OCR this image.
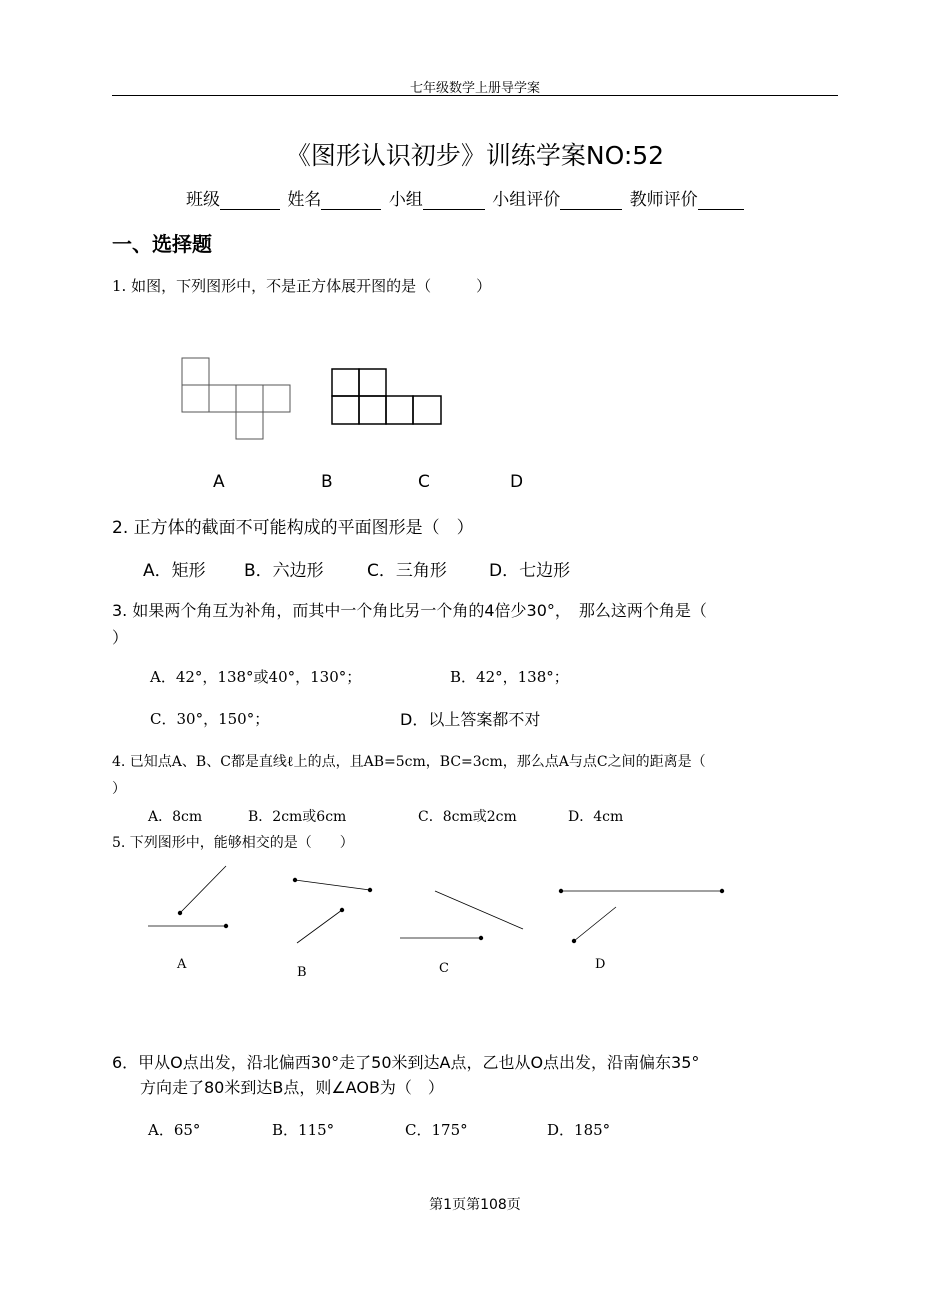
七年级数学上册导学案
《图形认识初步》训练学案NO:52
班级	姓名	小组	小组评价	教师评价
一、选择题
1. 如图，下列图形中，不是正方体展开图的是（　　　）
A	B	C	D
2. 正方体的截面不可能构成的平面图形是（　）
A．矩形 B．六边形	C．三角形 D．七边形
3. 如果两个角互为补角，而其中一个角比另一个角的4倍少30°，　那么这两个角是（
）
A．42°，138°或40°，130°；	B．42°，138°；
C．30°，150°；	D．以上答案都不对
4. 已知点A、B、C都是直线ℓ上的点，且AB=5cm，BC=3cm，那么点A与点C之间的距离是（
）
A．8cm	B．2cm或6cm	C．8cm或2cm	D．4cm
5. 下列图形中，能够相交的是（　　）
A
B	C	D
6．甲从O点出发，沿北偏西30°走了50米到达A点，乙也从O点出发，沿南偏东35°
方向走了80米到达B点，则∠AOB为（　）
A．65°	B．115°	C．175°	D．185°
第1页第108页
